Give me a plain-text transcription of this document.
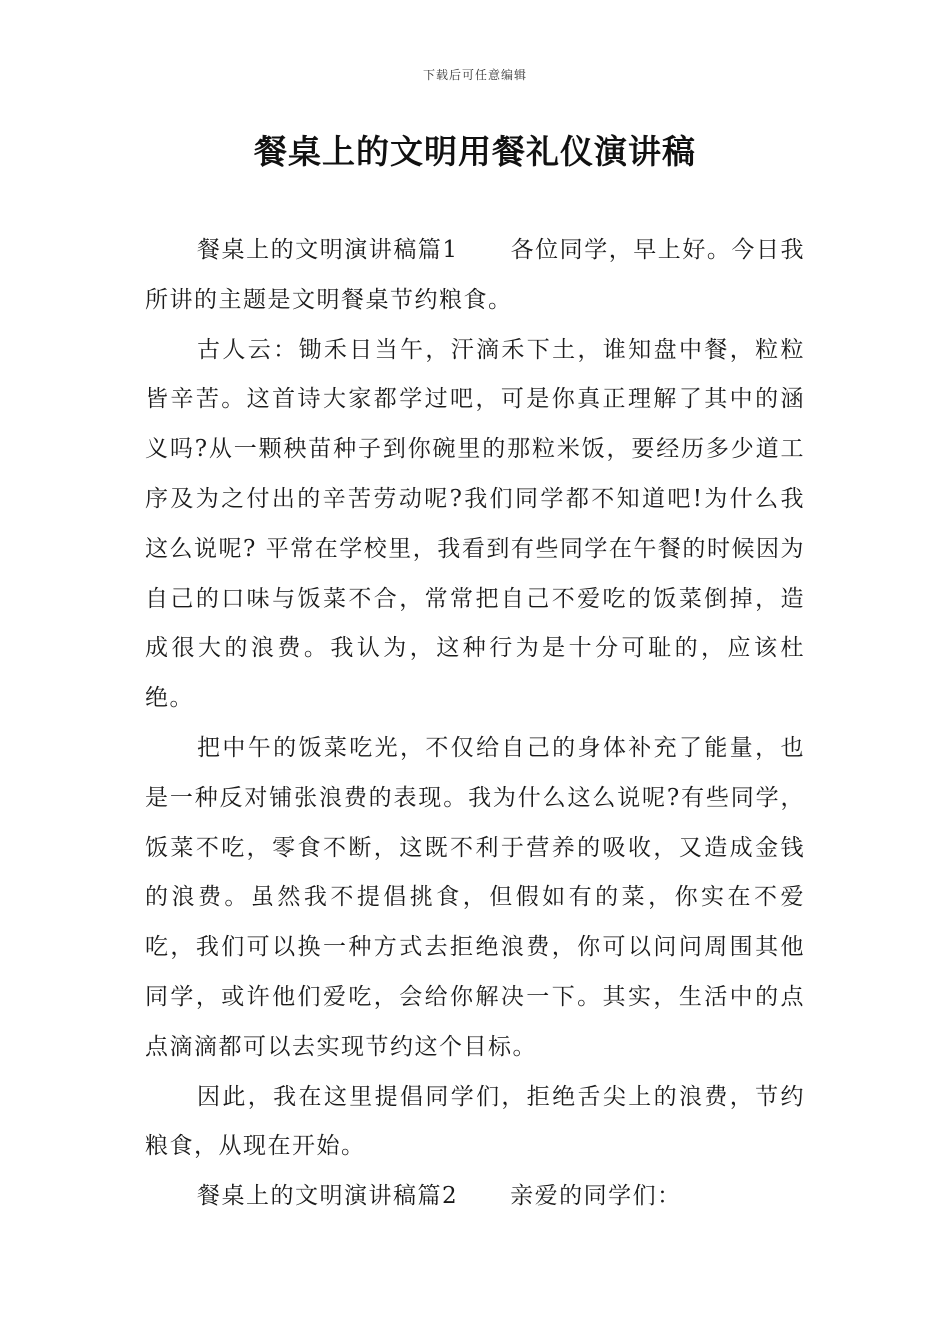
下载后可任意编辑
餐桌上的文明用餐礼仪演讲稿

餐桌上的文明演讲稿篇1 各位同学，早上好。今日我所讲的主题是文明餐桌节约粮食。

古人云：锄禾日当午，汗滴禾下土，谁知盘中餐，粒粒皆辛苦。这首诗大家都学过吧，可是你真正理解了其中的涵义吗?从一颗秧苗种子到你碗里的那粒米饭，要经历多少道工序及为之付出的辛苦劳动呢?我们同学都不知道吧!为什么我这么说呢? 平常在学校里，我看到有些同学在午餐的时候因为自己的口味与饭菜不合，常常把自己不爱吃的饭菜倒掉，造成很大的浪费。我认为，这种行为是十分可耻的，应该杜绝。

把中午的饭菜吃光，不仅给自己的身体补充了能量，也是一种反对铺张浪费的表现。我为什么这么说呢?有些同学，饭菜不吃，零食不断，这既不利于营养的吸收，又造成金钱的浪费。虽然我不提倡挑食，但假如有的菜，你实在不爱吃，我们可以换一种方式去拒绝浪费，你可以问问周围其他同学，或许他们爱吃，会给你解决一下。其实，生活中的点点滴滴都可以去实现节约这个目标。

因此，我在这里提倡同学们，拒绝舌尖上的浪费，节约粮食，从现在开始。

餐桌上的文明演讲稿篇2 亲爱的同学们：
